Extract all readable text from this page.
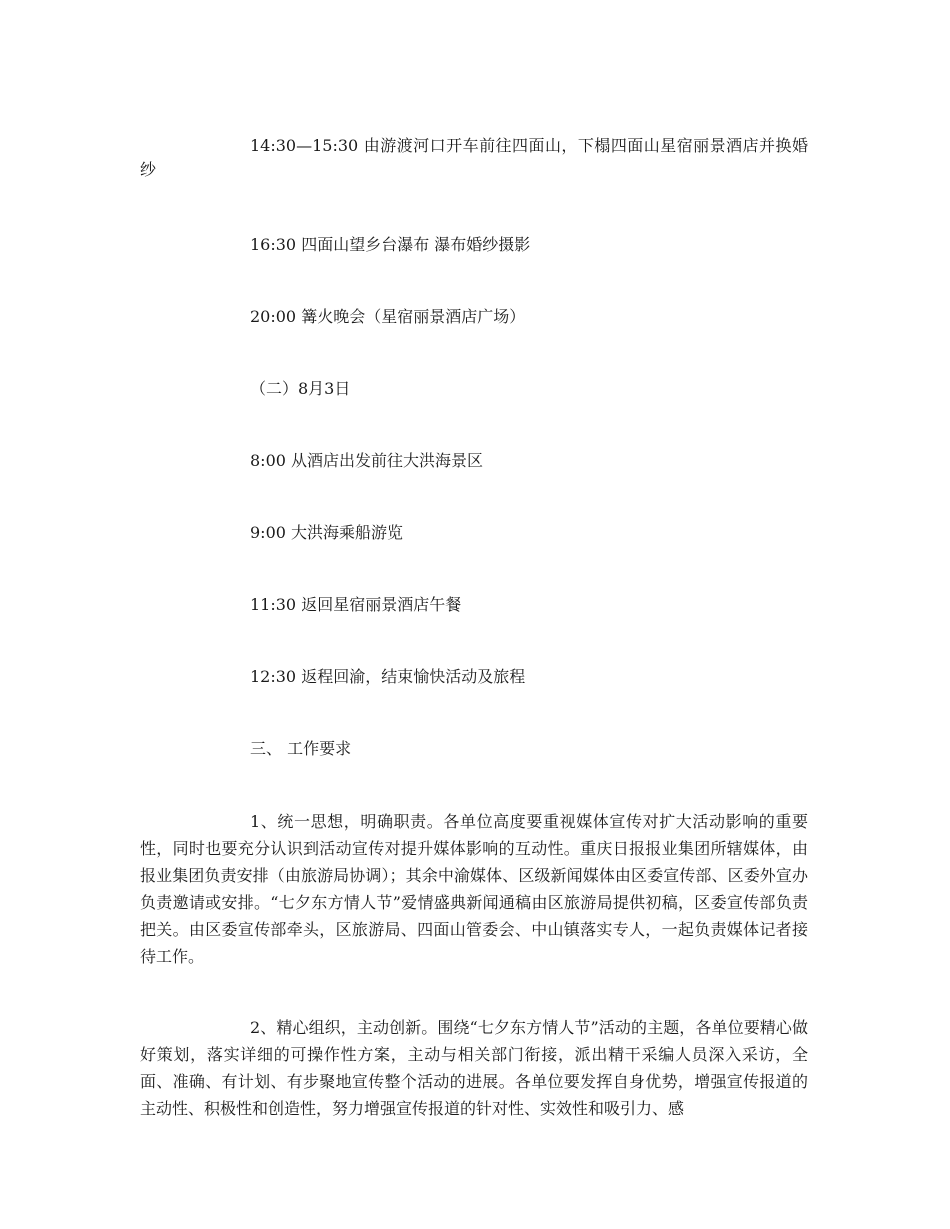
14:30—15:30 由游渡河口开车前往四面山，下榻四面山星宿丽景酒店并换婚纱
16:30 四面山望乡台瀑布 瀑布婚纱摄影
20:00 篝火晚会（星宿丽景酒店广场）
（二）8月3日
8:00 从酒店出发前往大洪海景区
9:00 大洪海乘船游览
11:30 返回星宿丽景酒店午餐
12:30 返程回渝，结束愉快活动及旅程
三、 工作要求
1、统一思想，明确职责。各单位高度要重视媒体宣传对扩大活动影响的重要性，同时也要充分认识到活动宣传对提升媒体影响的互动性。重庆日报报业集团所辖媒体，由报业集团负责安排（由旅游局协调）；其余中渝媒体、区级新闻媒体由区委宣传部、区委外宣办负责邀请或安排。“七夕东方情人节”爱情盛典新闻通稿由区旅游局提供初稿，区委宣传部负责把关。由区委宣传部牵头，区旅游局、四面山管委会、中山镇落实专人，一起负责媒体记者接待工作。
2、精心组织，主动创新。围绕“七夕东方情人节”活动的主题，各单位要精心做好策划，落实详细的可操作性方案，主动与相关部门衔接，派出精干采编人员深入采访，全面、准确、有计划、有步聚地宣传整个活动的进展。各单位要发挥自身优势，增强宣传报道的主动性、积极性和创造性，努力增强宣传报道的针对性、实效性和吸引力、感
